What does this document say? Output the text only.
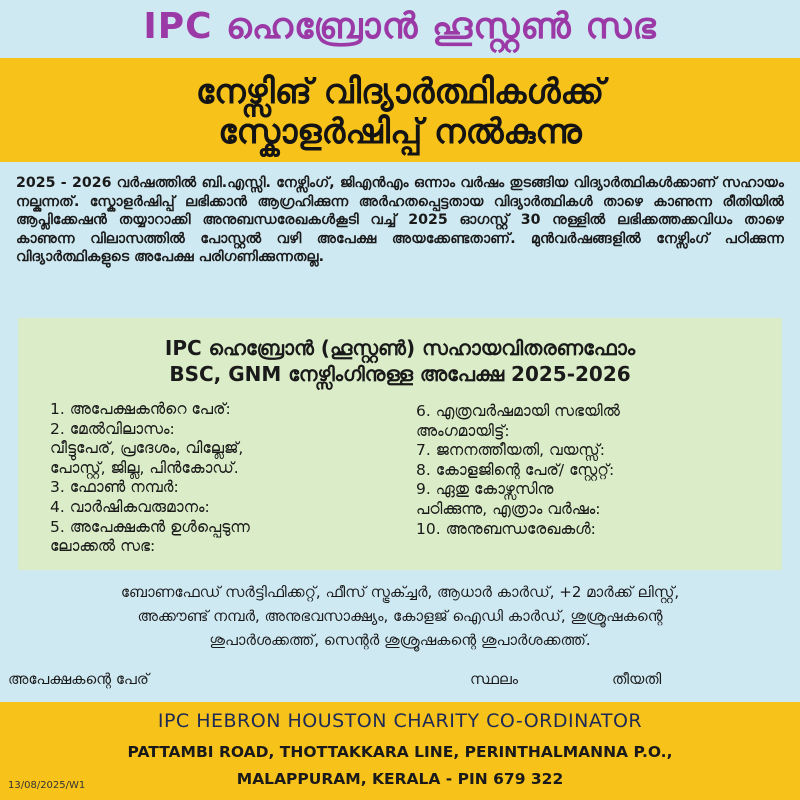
IPC ഹെബ്രോൻ ഹൂസ്റ്റൺ സഭ
നേഴ്സിങ് വിദ്യാർത്ഥികൾക്ക്
സ്കോളർഷിപ്പ് നൽകുന്നു
2025 - 2026 വർഷത്തിൽ ബി.എസ്സി. നേഴ്സിംഗ്, ജിഎൻഎം ഒന്നാം വർഷം തുടങ്ങിയ വിദ്യാർത്ഥികൾക്കാണ് സഹായം നല്കുന്നത്. സ്കോളർഷിപ്പ് ലഭിക്കാൻ ആഗ്രഹിക്കുന്ന അർഹതപ്പെട്ടതായ വിദ്യാർത്ഥികൾ താഴെ കാണുന്ന രീതിയിൽ ആപ്ലിക്കേഷൻ തയ്യാറാക്കി അനുബന്ധരേഖകൾകൂടി വച്ച് 2025 ഓഗസ്റ്റ് 30 നുള്ളിൽ ലഭിക്കത്തക്കവിധം താഴെ കാണുന്ന വിലാസത്തിൽ പോസ്റ്റൽ വഴി അപേക്ഷ അയക്കേണ്ടതാണ്. മുൻവർഷങ്ങളിൽ നേഴ്സിംഗ് പഠിക്കുന്ന വിദ്യാർത്ഥികളുടെ അപേക്ഷ പരിഗണിക്കുന്നതല്ല.
IPC ഹെബ്രോൻ (ഹൂസ്റ്റൺ) സഹായവിതരണഫോം
BSC, GNM നേഴ്സിംഗിനുള്ള അപേക്ഷ 2025-2026
1. അപേക്ഷകൻറെ പേര്:
2. മേൽവിലാസം:
വീട്ടുപേര്, പ്രദേശം, വില്ലേജ്,
പോസ്റ്റ്, ജില്ല, പിൻകോഡ്.
3. ഫോൺ നമ്പർ:
4. വാർഷികവരുമാനം:
5. അപേക്ഷകൻ ഉൾപ്പെടുന്ന
ലോക്കൽ സഭ:
6. എത്രവർഷമായി സഭയിൽ
അംഗമായിട്ട്:
7. ജനനത്തീയതി, വയസ്സ്:
8. കോളജിന്റെ പേര്/ സ്റ്റേറ്റ്:
9. ഏതു കോഴ്സസിനു
പഠിക്കുന്നു, എത്രാം വർഷം:
10. അനുബന്ധരേഖകൾ:
ബോണഫേഡ് സർട്ടിഫിക്കറ്റ്, ഫീസ് സ്ട്രക്ച്ചർ, ആധാർ കാർഡ്, +2 മാർക്ക് ലിസ്റ്റ്,
അക്കൗണ്ട് നമ്പർ, അനുഭവസാക്ഷ്യം, കോളജ് ഐഡി കാർഡ്, ശുശ്രൂഷകന്റെ
ശുപാർശക്കത്ത്, സെന്റർ ശുശ്രൂഷകന്റെ ശുപാർശക്കത്ത്.
അപേക്ഷകന്റെ പേര്	സ്ഥലം	തീയതി
IPC HEBRON HOUSTON CHARITY CO-ORDINATOR
PATTAMBI ROAD, THOTTAKKARA LINE, PERINTHALMANNA P.O.,
MALAPPURAM, KERALA - PIN 679 322
13/08/2025/W1
